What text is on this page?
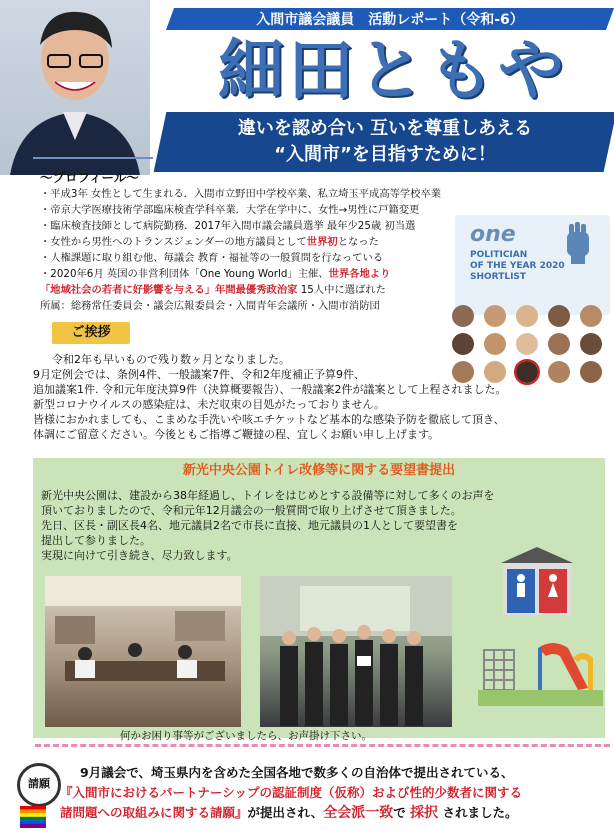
入間市議会議員　活動レポート（令和-6）
細田ともや
違いを認め合い 互いを尊重しあえる
“入間市”を目指すために！
〜プロフィール〜
・平成3年 女性として生まれる．入間市立野田中学校卒業、私立埼玉平成高等学校卒業
・帝京大学医療技術学部臨床検査学科卒業．大学在学中に、女性→男性に戸籍変更
・臨床検査技師として病院勤務．2017年入間市議会議員選挙 最年少25歳 初当選
・女性から男性へのトランスジェンダーの地方議員として世界初となった
・人権課題に取り組む他、毎議会 教育・福祉等の一般質問を行なっている
・2020年6月 英国の非営利団体「One Young World」主催、世界各地より
「地域社会の若者に好影響を与える」年間最優秀政治家 15人中に選ばれた
所属：総務常任委員会・議会広報委員会・入間青年会議所・入間市消防団
one
POLITICIAN
OF THE YEAR 2020
SHORTLIST
ご挨拶
令和2年も早いもので残り数ヶ月となりました。
9月定例会では、条例4件、一般議案7件、令和2年度補正予算9件、
追加議案1件. 令和元年度決算9件（決算概要報告）、一般議案2件が議案として上程されました。
新型コロナウイルスの感染症は、未だ収束の目処がたっておりません。
皆様におかれましても、こまめな手洗いや咳エチケットなど基本的な感染予防を徹底して頂き、
体調にご留意ください。今後ともご指導ご鞭撻の程、宜しくお願い申し上げます。
新光中央公園トイレ改修等に関する要望書提出
新光中央公園は、建設から38年経過し、トイレをはじめとする設備等に対して多くのお声を
頂いておりましたので、令和元年12月議会の一般質問で取り上げさせて頂きました。
先日、区長・副区長4名、地元議員2名で市長に直接、地元議員の1人として要望書を
提出して参りました。
実現に向けて引き続き、尽力致します。
何かお困り事等がございましたら、お声掛け下さい。
請願
9月議会で、埼玉県内を含めた全国各地で数多くの自治体で提出されている、
『入間市におけるパートナーシップの認証制度（仮称）および性的少数者に関する
諸問題への取組みに関する請願』が提出され、全会派一致で 採択 されました。
